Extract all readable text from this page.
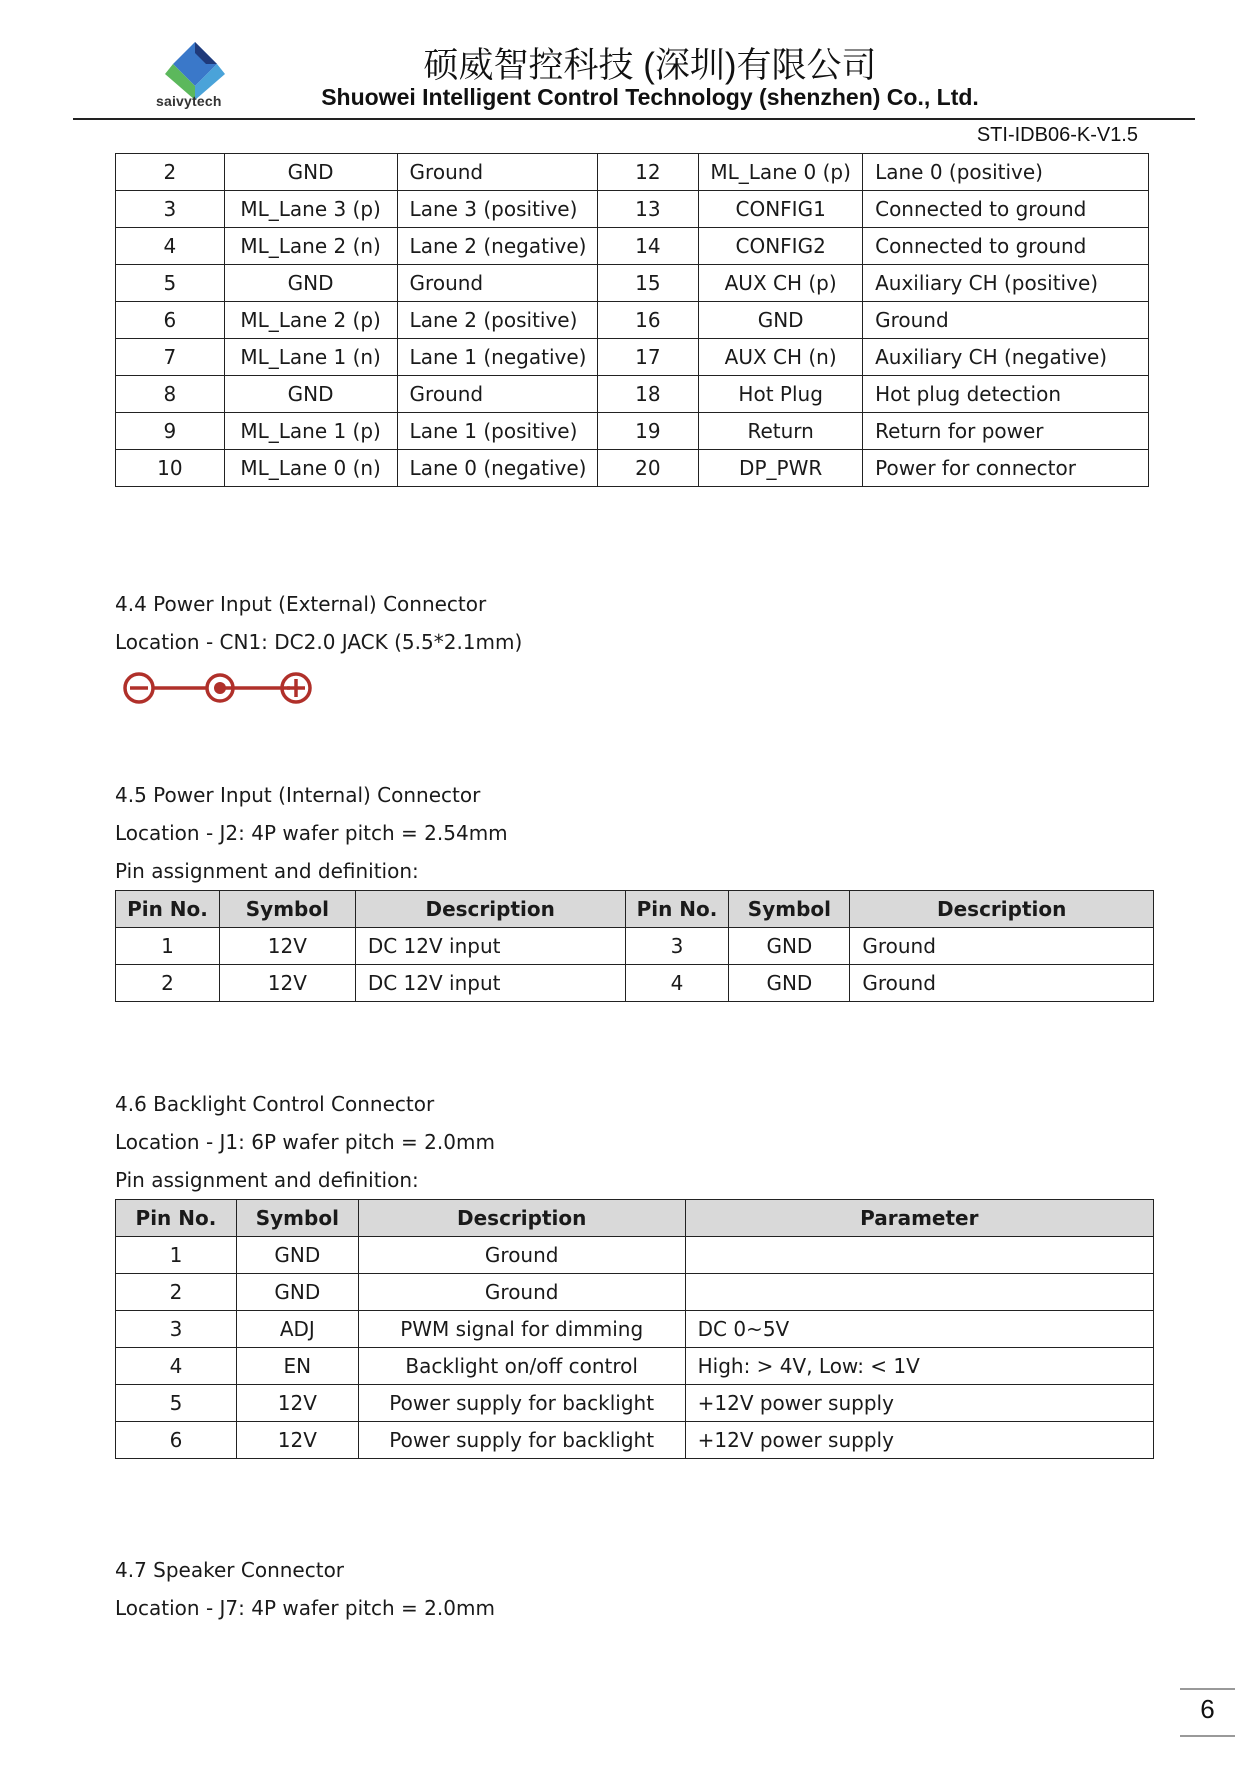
saivytech
硕威智控科技 (深圳)有限公司
Shuowei Intelligent Control Technology (shenzhen) Co., Ltd.
STI-IDB06-K-V1.5
2	GND	Ground	12	ML_Lane 0 (p)	Lane 0 (positive)
3	ML_Lane 3 (p)	Lane 3 (positive)	13	CONFIG1	Connected to ground
4	ML_Lane 2 (n)	Lane 2 (negative)	14	CONFIG2	Connected to ground
5	GND	Ground	15	AUX CH (p)	Auxiliary CH (positive)
6	ML_Lane 2 (p)	Lane 2 (positive)	16	GND	Ground
7	ML_Lane 1 (n)	Lane 1 (negative)	17	AUX CH (n)	Auxiliary CH (negative)
8	GND	Ground	18	Hot Plug	Hot plug detection
9	ML_Lane 1 (p)	Lane 1 (positive)	19	Return	Return for power
10	ML_Lane 0 (n)	Lane 0 (negative)	20	DP_PWR	Power for connector
4.4 Power Input (External) Connector
Location - CN1: DC2.0 JACK (5.5*2.1mm)
4.5 Power Input (Internal) Connector
Location - J2: 4P wafer pitch = 2.54mm
Pin assignment and definition:
Pin No.	Symbol	Description	Pin No.	Symbol	Description
1	12V	DC 12V input	3	GND	Ground
2	12V	DC 12V input	4	GND	Ground
4.6 Backlight Control Connector
Location - J1: 6P wafer pitch = 2.0mm
Pin assignment and definition:
Pin No.	Symbol	Description	Parameter
1	GND	Ground	
2	GND	Ground	
3	ADJ	PWM signal for dimming	DC 0~5V
4	EN	Backlight on/off control	High: > 4V, Low: < 1V
5	12V	Power supply for backlight	+12V power supply
6	12V	Power supply for backlight	+12V power supply
4.7 Speaker Connector
Location - J7: 4P wafer pitch = 2.0mm
6
